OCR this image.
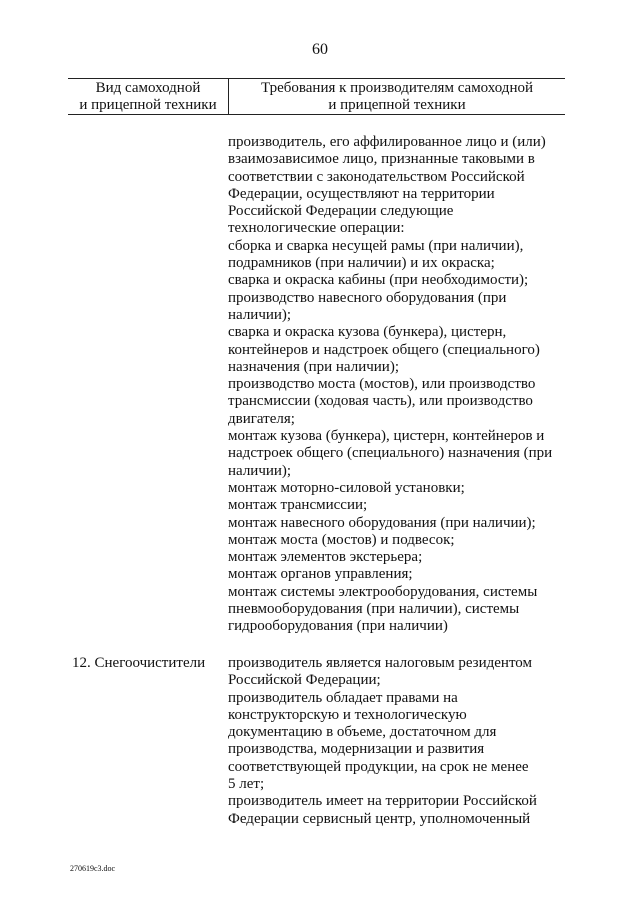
60
Вид самоходной
и прицепной техники
Требования к производителям самоходной
и прицепной техники
производитель, его аффилированное лицо и (или)
взаимозависимое лицо, признанные таковыми в
соответствии с законодательством Российской
Федерации, осуществляют на территории
Российской Федерации следующие
технологические операции:
сборка и сварка несущей рамы (при наличии),
подрамников (при наличии) и их окраска;
сварка и окраска кабины (при необходимости);
производство навесного оборудования (при
наличии);
сварка и окраска кузова (бункера), цистерн,
контейнеров и надстроек общего (специального)
назначения (при наличии);
производство моста (мостов), или производство
трансмиссии (ходовая часть), или производство
двигателя;
монтаж кузова (бункера), цистерн, контейнеров и
надстроек общего (специального) назначения (при
наличии);
монтаж моторно-силовой установки;
монтаж трансмиссии;
монтаж навесного оборудования (при наличии);
монтаж моста (мостов) и подвесок;
монтаж элементов экстерьера;
монтаж органов управления;
монтаж системы электрооборудования, системы
пневмооборудования (при наличии), системы
гидрооборудования (при наличии)
12. Снегоочистители производитель является налоговым резидентом
Российской Федерации;
производитель обладает правами на
конструкторскую и технологическую
документацию в объеме, достаточном для
производства, модернизации и развития
соответствующей продукции, на срок не менее
5 лет;
производитель имеет на территории Российской
Федерации сервисный центр, уполномоченный
270619с3.doc
